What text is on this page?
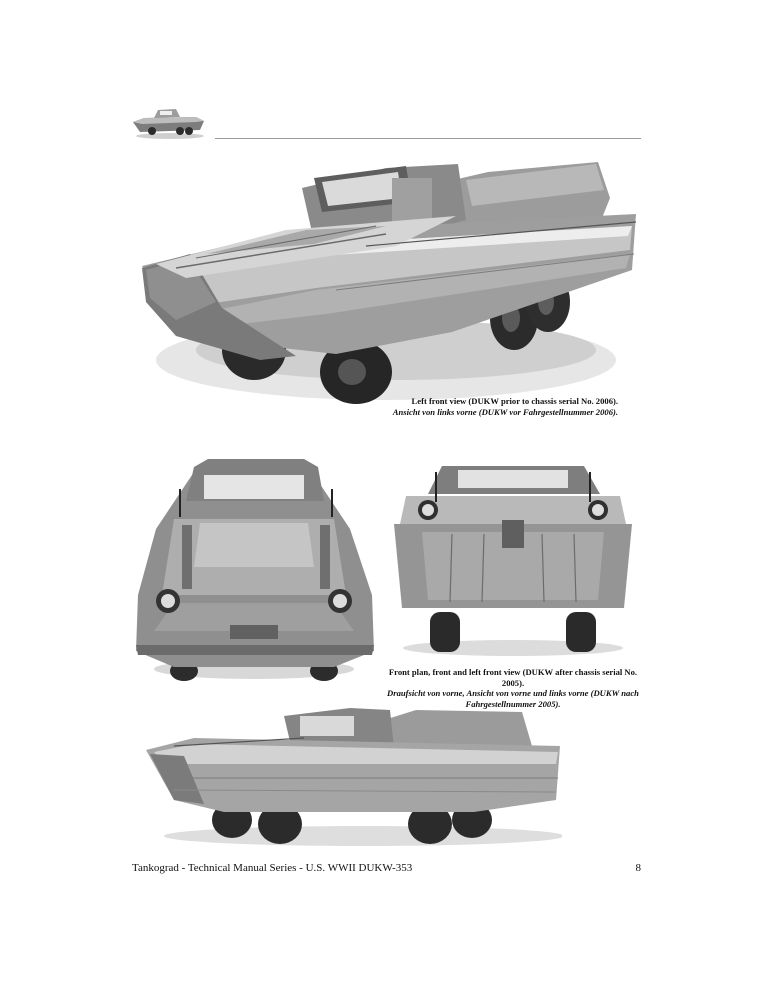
Left front view (DUKW prior to chassis serial No. 2006).
Ansicht von links vorne (DUKW vor Fahrgestellnummer 2006).
Front plan, front and left front view (DUKW after chassis serial No. 2005).
Draufsicht von vorne, Ansicht von vorne und links vorne (DUKW nach
Fahrgestellnummer 2005).
Tankograd - Technical Manual Series - U.S. WWII DUKW-353	8
